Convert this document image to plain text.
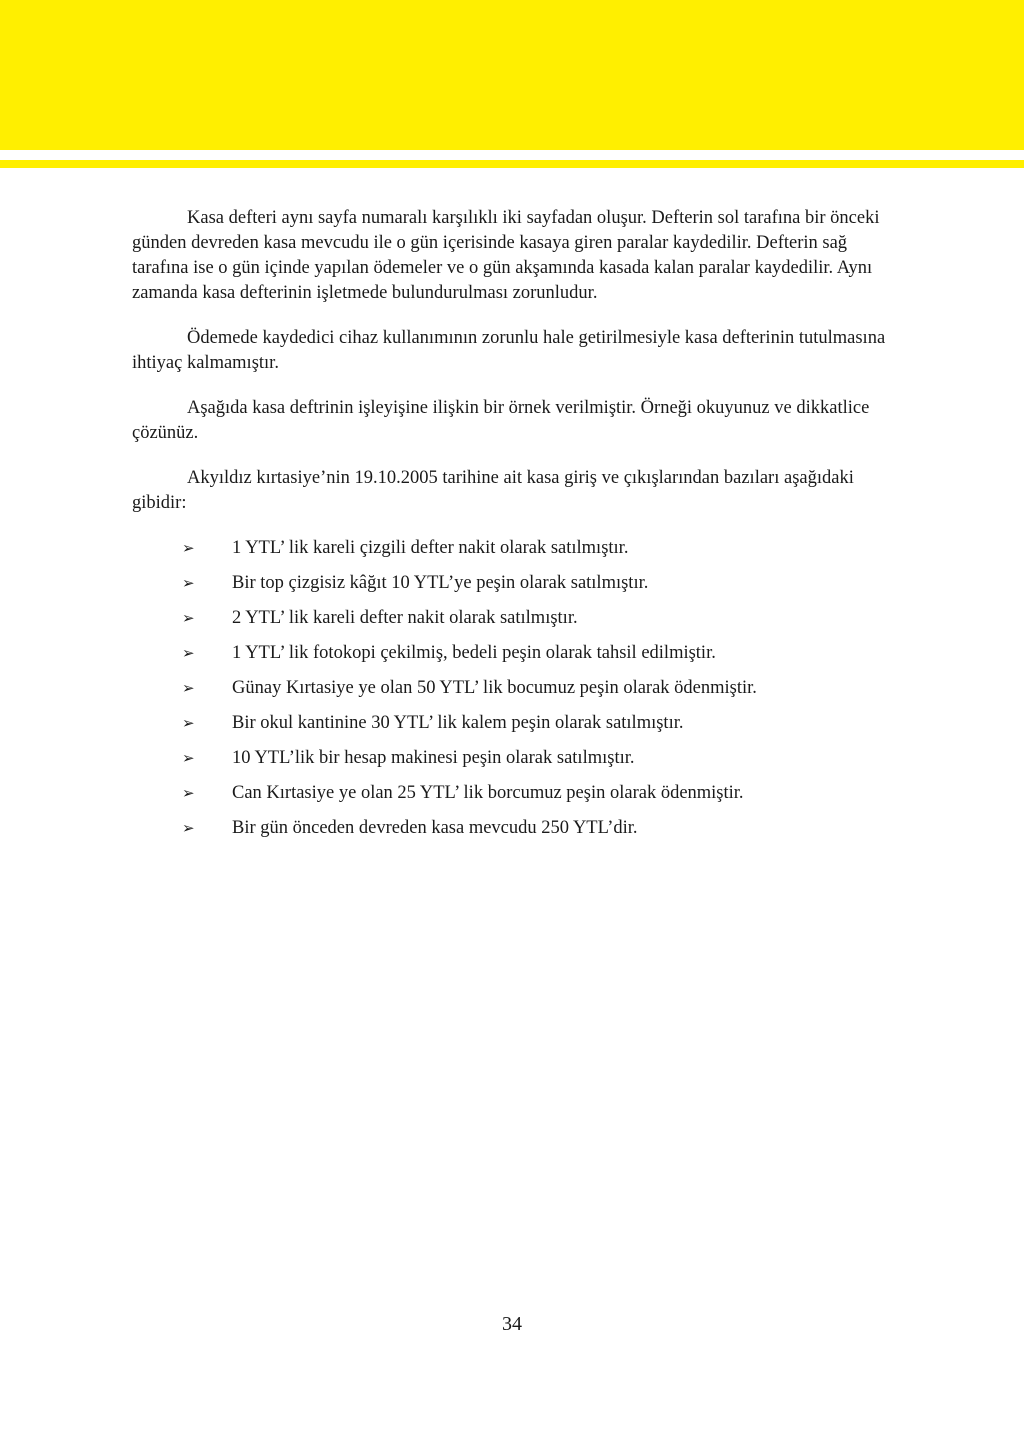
Kasa defteri aynı sayfa numaralı karşılıklı iki sayfadan oluşur. Defterin sol tarafına bir önceki günden devreden kasa mevcudu ile o gün içerisinde kasaya giren paralar kaydedilir. Defterin sağ tarafına ise o gün içinde yapılan ödemeler ve o gün akşamında kasada kalan paralar kaydedilir. Aynı zamanda kasa defterinin işletmede bulundurulması zorunludur.

Ödemede kaydedici cihaz kullanımının zorunlu hale getirilmesiyle kasa defterinin tutulmasına ihtiyaç kalmamıştır.

Aşağıda kasa deftrinin işleyişine ilişkin bir örnek verilmiştir. Örneği okuyunuz ve dikkatlice çözünüz.

Akyıldız kırtasiye’nin 19.10.2005 tarihine ait kasa giriş ve çıkışlarından bazıları aşağıdaki gibidir:

➢ 1 YTL’ lik kareli çizgili defter nakit olarak satılmıştır.
➢ Bir top çizgisiz kâğıt 10 YTL’ye peşin olarak satılmıştır.
➢ 2 YTL’ lik kareli defter nakit olarak satılmıştır.
➢ 1 YTL’ lik fotokopi çekilmiş, bedeli peşin olarak tahsil edilmiştir.
➢ Günay Kırtasiye ye olan 50 YTL’ lik bocumuz peşin olarak ödenmiştir.
➢ Bir okul kantinine 30 YTL’ lik kalem peşin olarak satılmıştır.
➢ 10 YTL’lik bir hesap makinesi peşin olarak satılmıştır.
➢ Can Kırtasiye ye olan 25 YTL’ lik borcumuz peşin olarak ödenmiştir.
➢ Bir gün önceden devreden kasa mevcudu 250 YTL’dir.
34
